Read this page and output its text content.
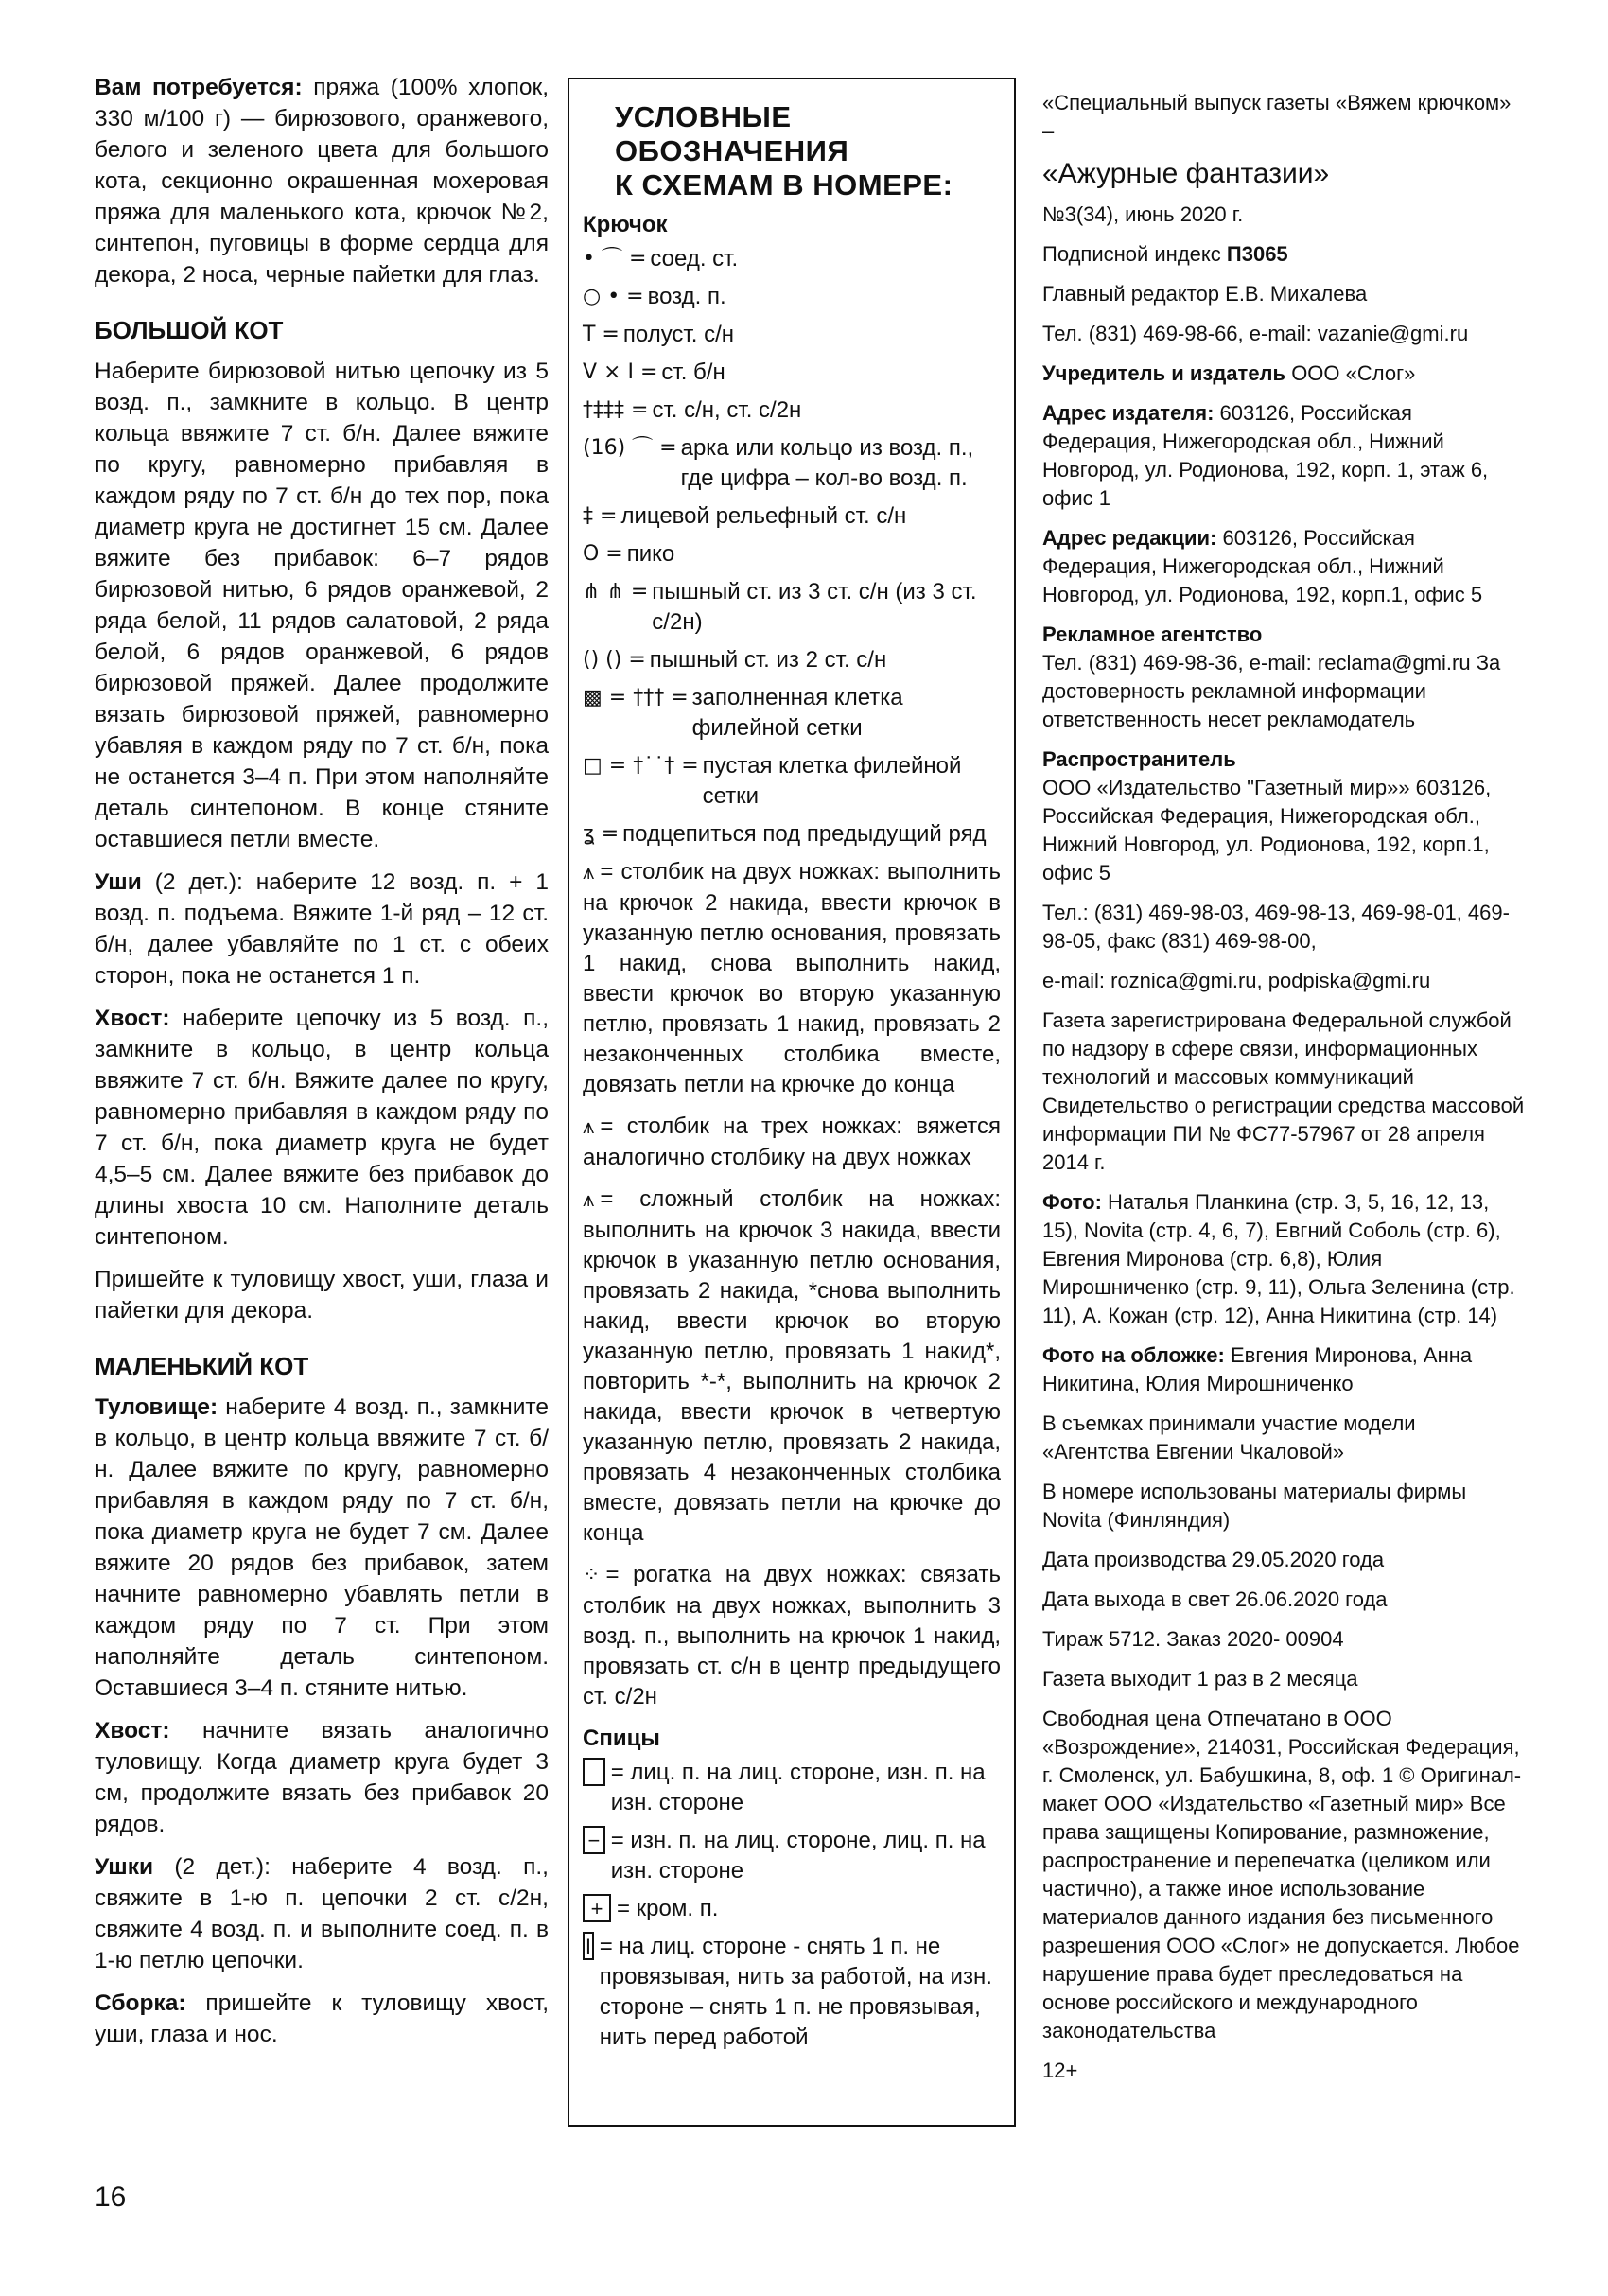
Вам потребуется: пряжа (100% хлопок, 330 м/100 г) — бирюзового, оранжевого, белого и зеленого цвета для большого кота, секционно окрашенная мохеровая пряжа для маленького кота, крючок №2, синтепон, пуговицы в форме сердца для декора, 2 носа, черные пайетки для глаз.

БОЛЬШОЙ КОТ

Наберите бирюзовой нитью цепочку из 5 возд. п., замкните в кольцо. В центр кольца ввяжите 7 ст. б/н. Далее вяжите по кругу, равномерно прибавляя в каждом ряду по 7 ст. б/н до тех пор, пока диаметр круга не достигнет 15 см. Далее вяжите без прибавок: 6–7 рядов бирюзовой нитью, 6 рядов оранжевой, 2 ряда белой, 11 рядов салатовой, 2 ряда белой, 6 рядов оранжевой, 6 рядов бирюзовой пряжей. Далее продолжите вязать бирюзовой пряжей, равномерно убавляя в каждом ряду по 7 ст. б/н, пока не останется 3–4 п. При этом наполняйте деталь синтепоном. В конце стяните оставшиеся петли вместе.

Уши (2 дет.): наберите 12 возд. п. + 1 возд. п. подъема. Вяжите 1-й ряд – 12 ст. б/н, далее убавляйте по 1 ст. с обеих сторон, пока не останется 1 п.

Хвост: наберите цепочку из 5 возд. п., замкните в кольцо, в центр кольца ввяжите 7 ст. б/н. Вяжите далее по кругу, равномерно прибавляя в каждом ряду по 7 ст. б/н, пока диаметр круга не будет 4,5–5 см. Далее вяжите без прибавок до длины хвоста 10 см. Наполните деталь синтепоном.

Пришейте к туловищу хвост, уши, глаза и пайетки для декора.

МАЛЕНЬКИЙ КОТ

Туловище: наберите 4 возд. п., замкните в кольцо, в центр кольца ввяжите 7 ст. б/н. Далее вяжите по кругу, равномерно прибавляя в каждом ряду по 7 ст. б/н, пока диаметр круга не будет 7 см. Далее вяжите 20 рядов без прибавок, затем начните равномерно убавлять петли в каждом ряду по 7 ст. При этом наполняйте деталь синтепоном. Оставшиеся 3–4 п. стяните нитью.

Хвост: начните вязать аналогично туловищу. Когда диаметр круга будет 3 см, продолжите вязать без прибавок 20 рядов.

Ушки (2 дет.): наберите 4 возд. п., свяжите в 1-ю п. цепочки 2 ст. с/2н, свяжите 4 возд. п. и выполните соед. п. в 1-ю петлю цепочки.

Сборка: пришейте к туловищу хвост, уши, глаза и нос.

УСЛОВНЫЕ ОБОЗНАЧЕНИЯ
К СХЕМАМ В НОМЕРЕ:
Крючок
• ⌒ = соед. ст.
○ • = возд. п.
T = полуст. с/н
V × I = ст. б/н
†‡‡‡ = ст. с/н, ст. с/2н
(16) ⌒ = арка или кольцо из возд. п., где цифра – кол-во возд. п.
‡ = лицевой рельефный ст. с/н
O = пико
⋔ ⋔ = пышный ст. из 3 ст. с/н (из 3 ст. с/2н)
() () = пышный ст. из 2 ст. с/н
▩ = ††† = заполненная клетка филейной сетки
□ = †˙˙† = пустая клетка филейной сетки
ʓ = подцепиться под предыдущий ряд
⩚ = столбик на двух ножках: выполнить на крючок 2 накида, ввести крючок в указанную петлю основания, провязать 1 накид, снова выполнить накид, ввести крючок во вторую указанную петлю, провязать 1 накид, провязать 2 незаконченных столбика вместе, довязать петли на крючке до конца
⩚ = столбик на трех ножках: вяжется аналогично столбику на двух ножках
⩚ = сложный столбик на ножках: выполнить на крючок 3 накида, ввести крючок в указанную петлю основания, провязать 2 накида, *снова выполнить накид, ввести крючок во вторую указанную петлю, провязать 1 накид*, повторить *-*, выполнить на крючок 2 накида, ввести крючок в четвертую указанную петлю, провязать 2 накида, провязать 4 незаконченных столбика вместе, довязать петли на крючке до конца
⁘ = рогатка на двух ножках: связать столбик на двух ножках, выполнить 3 возд. п., выполнить на крючок 1 накид, провязать ст. с/н в центр предыдущего ст. с/2н
Спицы
= лиц. п. на лиц. стороне, изн. п. на изн. стороне
− = изн. п. на лиц. стороне, лиц. п. на изн. стороне
+ = кром. п.
I = на лиц. стороне - снять 1 п. не провязывая, нить за работой, на изн. стороне – снять 1 п. не провязывая, нить перед работой

«Специальный выпуск газеты «Вяжем крючком» –

«Ажурные фантазии»

№3(34), июнь 2020 г.

Подписной индекс П3065

Главный редактор Е.В. Михалева

Тел. (831) 469-98-66, e-mail: vazanie@gmi.ru

Учредитель и издатель ООО «Слог»

Адрес издателя: 603126, Российская Федерация, Нижегородская обл., Нижний Новгород, ул. Родионова, 192, корп. 1, этаж 6, офис 1

Адрес редакции: 603126, Российская Федерация, Нижегородская обл., Нижний Новгород, ул. Родионова, 192, корп.1, офис 5

Рекламное агентство
Тел. (831) 469-98-36, e-mail: reclama@gmi.ru За достоверность рекламной информации ответственность несет рекламодатель

Распространитель
ООО «Издательство "Газетный мир»» 603126, Российская Федерация, Нижегородская обл., Нижний Новгород, ул. Родионова, 192, корп.1, офис 5

Тел.: (831) 469-98-03, 469-98-13, 469-98-01, 469-98-05, факс (831) 469-98-00,

e-mail: roznica@gmi.ru, podpiska@gmi.ru

Газета зарегистрирована Федеральной службой по надзору в сфере связи, информационных технологий и массовых коммуникаций Свидетельство о регистрации средства массовой информации ПИ № ФС77-57967 от 28 апреля 2014 г.

Фото: Наталья Планкина (стр. 3, 5, 16, 12, 13, 15), Novita (стр. 4, 6, 7), Евгний Соболь (стр. 6), Евгения Миронова (стр. 6,8), Юлия Мирошниченко (стр. 9, 11), Ольга Зеленина (стр. 11), А. Кожан (стр. 12), Анна Никитина (стр. 14)

Фото на обложке: Евгения Миронова, Анна Никитина, Юлия Мирошниченко

В съемках принимали участие модели «Агентства Евгении Чкаловой»

В номере использованы материалы фирмы Novita (Финляндия)

Дата производства 29.05.2020 года

Дата выхода в свет 26.06.2020 года

Тираж 5712. Заказ 2020- 00904

Газета выходит 1 раз в 2 месяца

Свободная цена Отпечатано в ООО «Возрождение», 214031, Российская Федерация, г. Смоленск, ул. Бабушкина, 8, оф. 1 © Оригинал-макет ООО «Издательство «Газетный мир» Все права защищены Копирование, размножение, распространение и перепечатка (целиком или частично), а также иное использование материалов данного издания без письменного разрешения ООО «Слог» не допускается. Любое нарушение права будет преследоваться на основе российского и международного законодательства

12+

16
